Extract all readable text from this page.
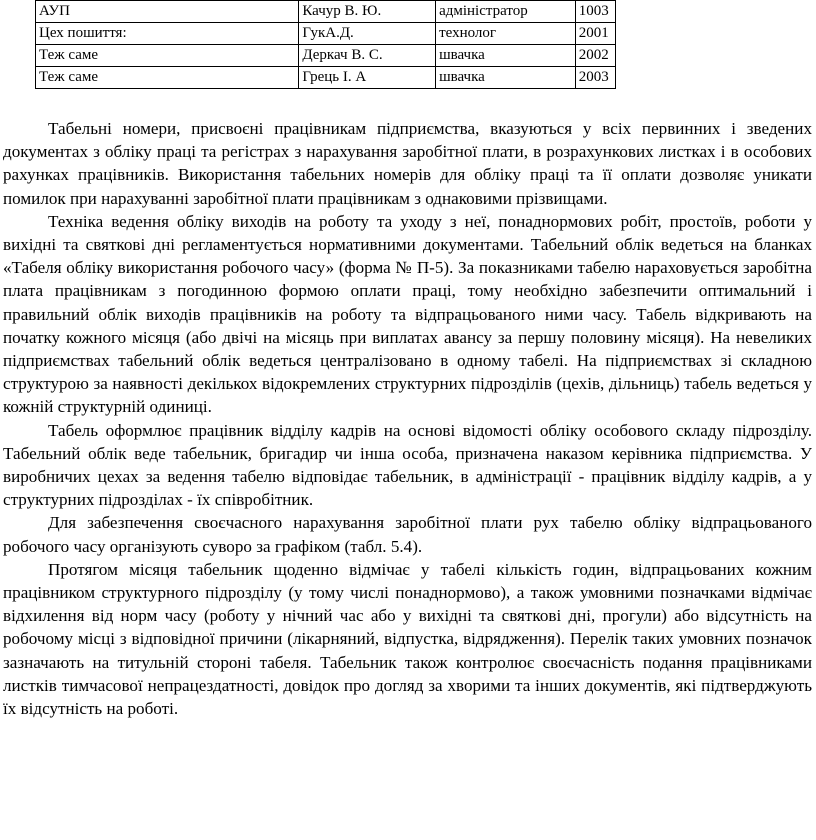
АУП	Качур В. Ю.	адміністратор	1003
Цех пошиття:	ГукА.Д.	технолог	2001
Теж саме	Деркач В. С.	швачка	2002
Теж саме	Грець І. А	швачка	2003

Табельні номери, присвоєні працівникам підприємства, вказуються у всіх первинних і зведених документах з обліку праці та регістрах з нарахування заробітної плати, в розрахункових листках і в особових рахунках працівників. Використання табельних номерів для обліку праці та її оплати дозволяє уникати помилок при нарахуванні заробітної плати працівникам з однаковими прізвищами.

Техніка ведення обліку виходів на роботу та уходу з неї, понаднормових робіт, простоїв, роботи у вихідні та святкові дні регламентується нормативними документами. Табельний облік ведеться на бланках «Табеля обліку використання робочого часу» (форма № П-5). За показниками табелю нараховується заробітна плата працівникам з погодинною формою оплати праці, тому необхідно забезпечити оптимальний і правильний облік виходів працівників на роботу та відпрацьованого ними часу. Табель відкривають на початку кожного місяця (або двічі на місяць при виплатах авансу за першу половину місяця). На невеликих підприємствах табельний облік ведеться централізовано в одному табелі. На підприємствах зі складною структурою за наявності декількох відокремлених структурних підрозділів (цехів, дільниць) табель ведеться у кожній структурній одиниці.

Табель оформлює працівник відділу кадрів на основі відомості обліку особового складу підрозділу. Табельний облік веде табельник, бригадир чи інша особа, призначена наказом керівника підприємства. У виробничих цехах за ведення табелю відповідає табельник, в адміністрації - працівник відділу кадрів, а у структурних підрозділах - їх співробітник.

Для забезпечення своєчасного нарахування заробітної плати рух табелю обліку відпрацьованого робочого часу організують суворо за графіком (табл. 5.4).

Протягом місяця табельник щоденно відмічає у табелі кількість годин, відпрацьованих кожним працівником структурного підрозділу (у тому числі понаднормово), а також умовними позначками відмічає відхилення від норм часу (роботу у нічний час або у вихідні та святкові дні, прогули) або відсутність на робочому місці з відповідної причини (лікарняний, відпустка, відрядження). Перелік таких умовних позначок зазначають на титульній стороні табеля. Табельник також контролює своєчасність подання працівниками листків тимчасової непрацездатності, довідок про догляд за хворими та інших документів, які підтверджують їх відсутність на роботі.
